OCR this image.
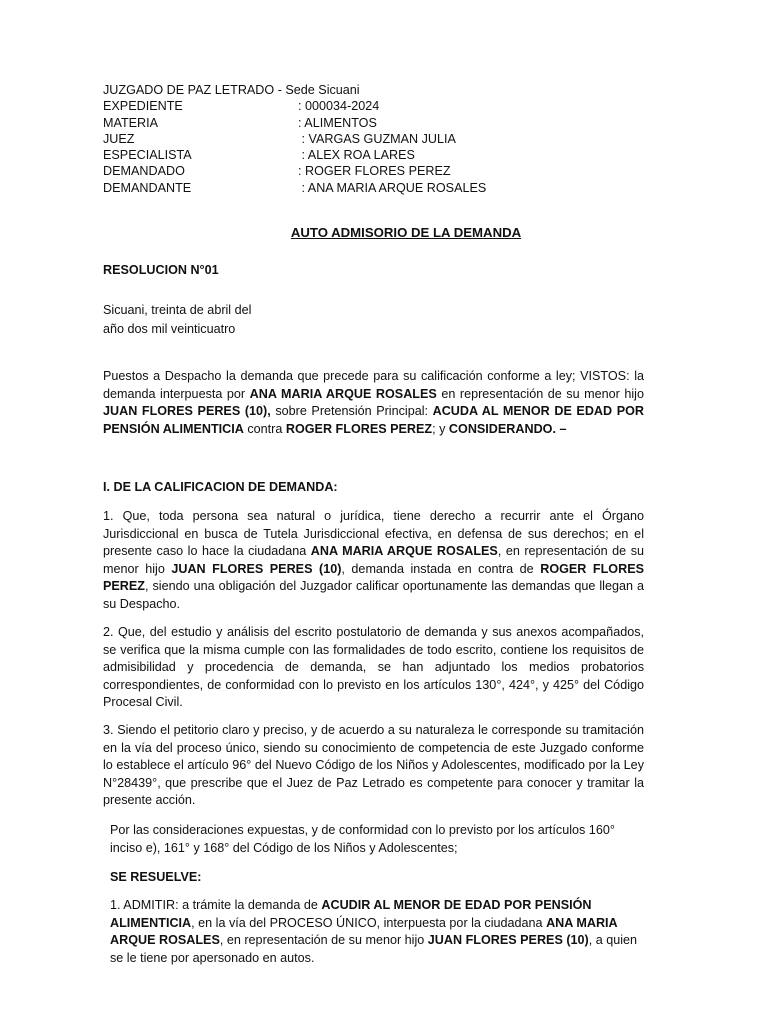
JUZGADO DE PAZ LETRADO - Sede Sicuani
EXPEDIENTE	: 000034-2024
MATERIA	: ALIMENTOS
JUEZ	: VARGAS GUZMAN JULIA
ESPECIALISTA	: ALEX ROA LARES
DEMANDADO	: ROGER FLORES PEREZ
DEMANDANTE	: ANA MARIA ARQUE ROSALES
AUTO ADMISORIO DE LA DEMANDA
RESOLUCION N°01
Sicuani, treinta de abril del
año dos mil veinticuatro

Puestos a Despacho la demanda que precede para su calificación conforme a ley; VISTOS: la demanda interpuesta por ANA MARIA ARQUE ROSALES en representación de su menor hijo JUAN FLORES PERES (10), sobre Pretensión Principal: ACUDA AL MENOR DE EDAD POR PENSIÓN ALIMENTICIA contra ROGER FLORES PEREZ; y CONSIDERANDO. –

I. DE LA CALIFICACION DE DEMANDA:

1. Que, toda persona sea natural o jurídica, tiene derecho a recurrir ante el Órgano Jurisdiccional en busca de Tutela Jurisdiccional efectiva, en defensa de sus derechos; en el presente caso lo hace la ciudadana ANA MARIA ARQUE ROSALES, en representación de su menor hijo JUAN FLORES PERES (10), demanda instada en contra de ROGER FLORES PEREZ, siendo una obligación del Juzgador calificar oportunamente las demandas que llegan a su Despacho.

2. Que, del estudio y análisis del escrito postulatorio de demanda y sus anexos acompañados, se verifica que la misma cumple con las formalidades de todo escrito, contiene los requisitos de admisibilidad y procedencia de demanda, se han adjuntado los medios probatorios correspondientes, de conformidad con lo previsto en los artículos 130°, 424°, y 425° del Código Procesal Civil.

3. Siendo el petitorio claro y preciso, y de acuerdo a su naturaleza le corresponde su tramitación en la vía del proceso único, siendo su conocimiento de competencia de este Juzgado conforme lo establece el artículo 96° del Nuevo Código de los Niños y Adolescentes, modificado por la Ley N°28439°, que prescribe que el Juez de Paz Letrado es competente para conocer y tramitar la presente acción.

Por las consideraciones expuestas, y de conformidad con lo previsto por los artículos 160° inciso e), 161° y 168° del Código de los Niños y Adolescentes;

SE RESUELVE:

1. ADMITIR: a trámite la demanda de ACUDIR AL MENOR DE EDAD POR PENSIÓN ALIMENTICIA, en la vía del PROCESO ÚNICO, interpuesta por la ciudadana ANA MARIA ARQUE ROSALES, en representación de su menor hijo JUAN FLORES PERES (10), a quien se le tiene por apersonado en autos.
